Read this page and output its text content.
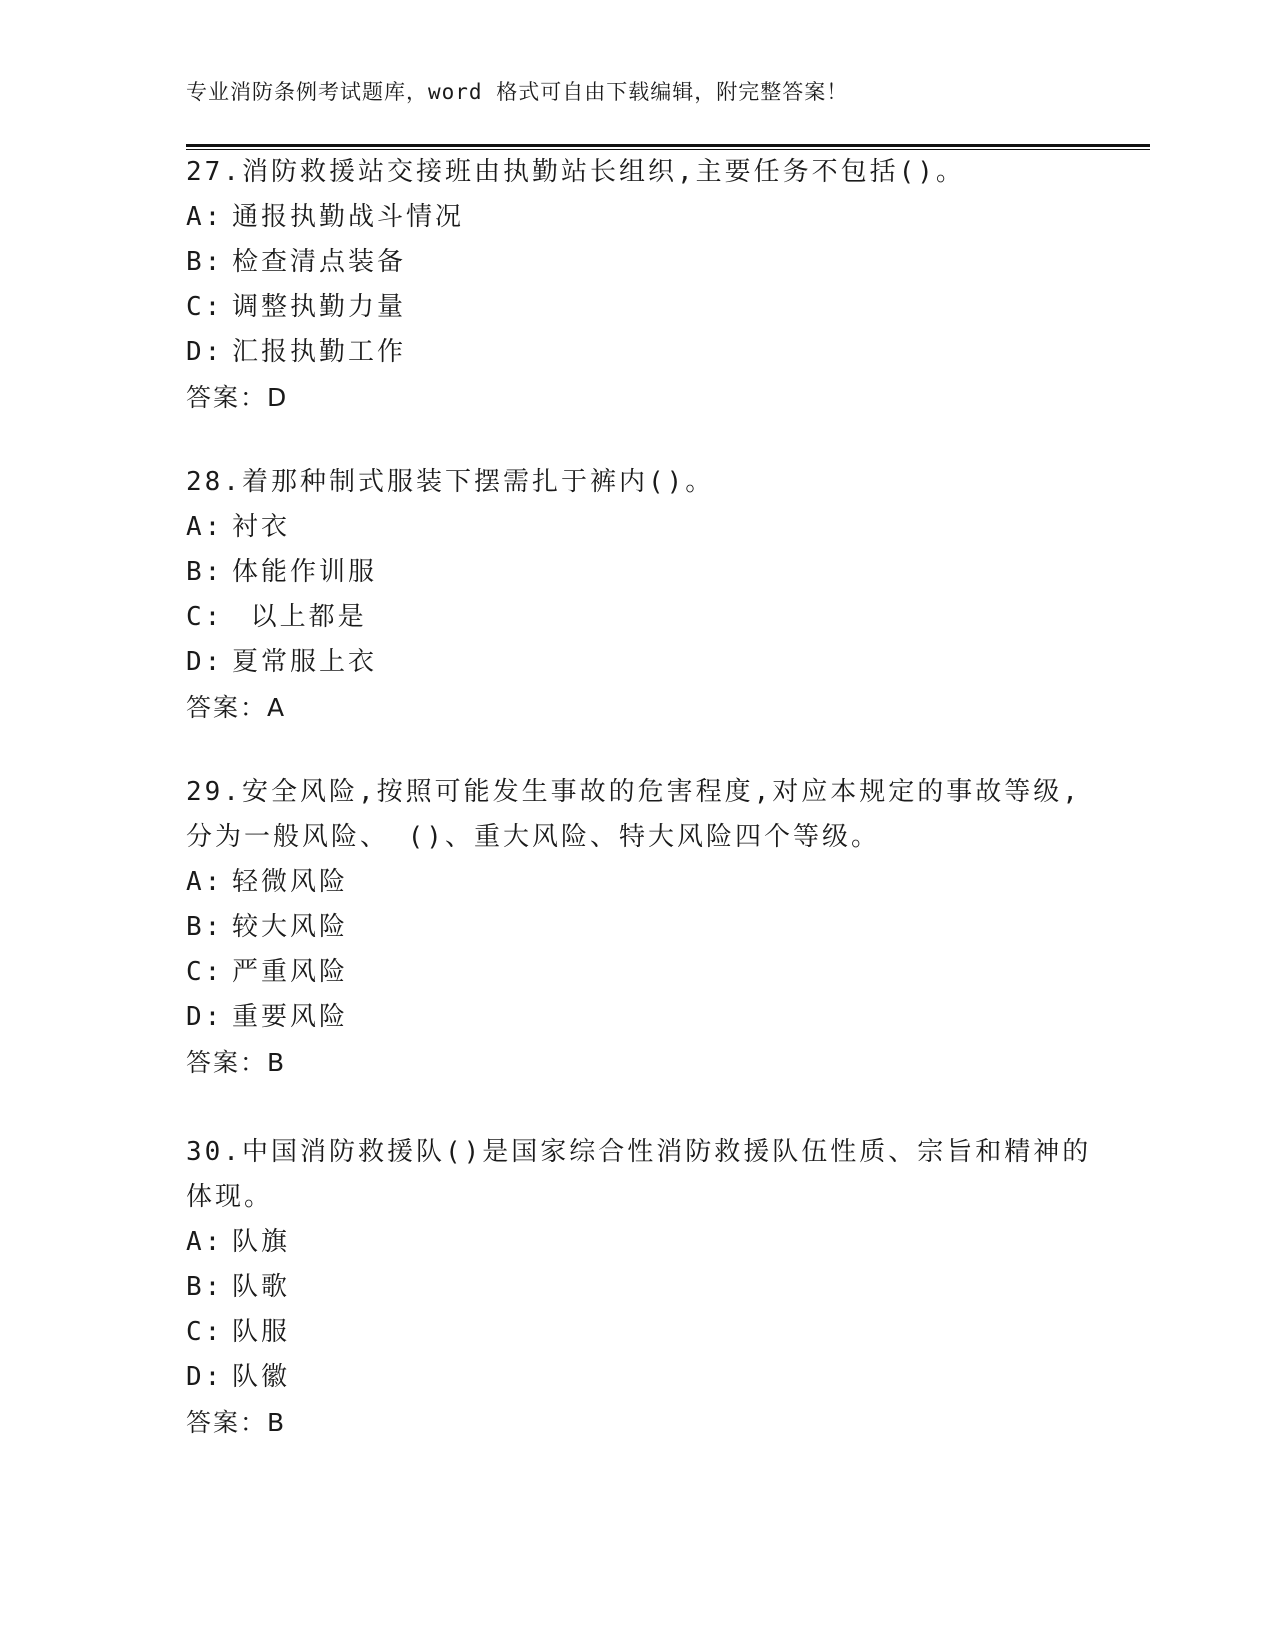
专业消防条例考试题库，word 格式可自由下载编辑，附完整答案！
27.消防救援站交接班由执勤站长组织,主要任务不包括()。
A: 通报执勤战斗情况
B: 检查清点装备
C: 调整执勤力量
D: 汇报执勤工作
答案：D
28.着那种制式服装下摆需扎于裤内()。
A: 衬衣
B: 体能作训服
C: 以上都是
D: 夏常服上衣
答案：A
29.安全风险,按照可能发生事故的危害程度,对应本规定的事故等级,
分为一般风险、 ()、重大风险、特大风险四个等级。
A: 轻微风险
B: 较大风险
C: 严重风险
D: 重要风险
答案：B
30.中国消防救援队()是国家综合性消防救援队伍性质、宗旨和精神的
体现。
A: 队旗
B: 队歌
C: 队服
D: 队徽
答案：B
